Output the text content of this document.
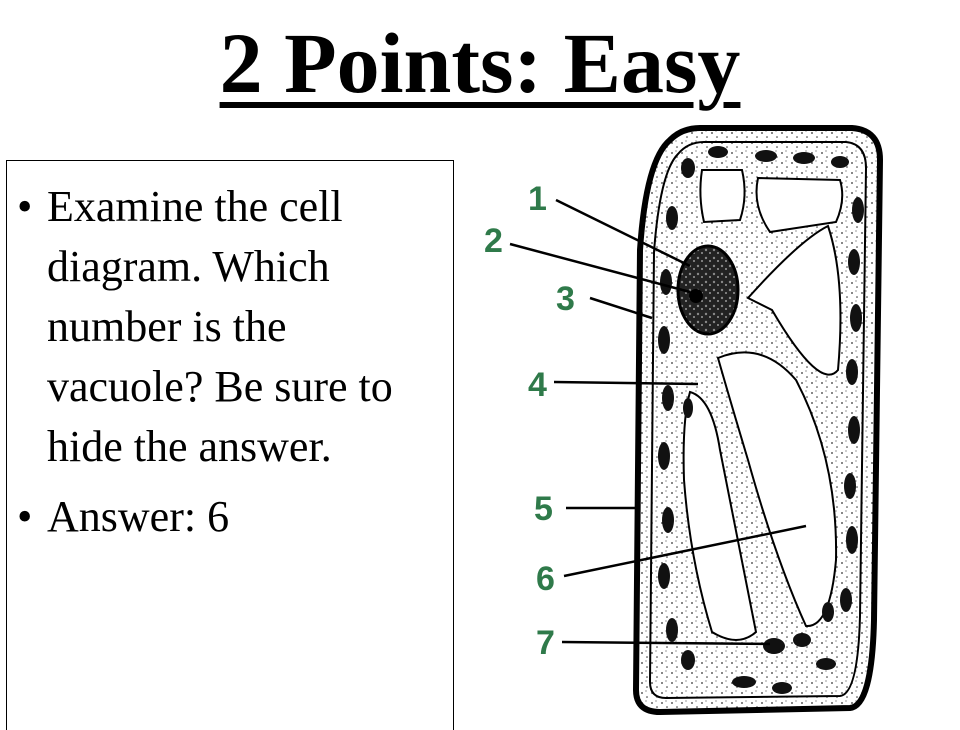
2 Points: Easy
• Examine the cell diagram. Which number is the vacuole? Be sure to hide the answer.
• Answer: 6
1
2
3
4
5
6
7
